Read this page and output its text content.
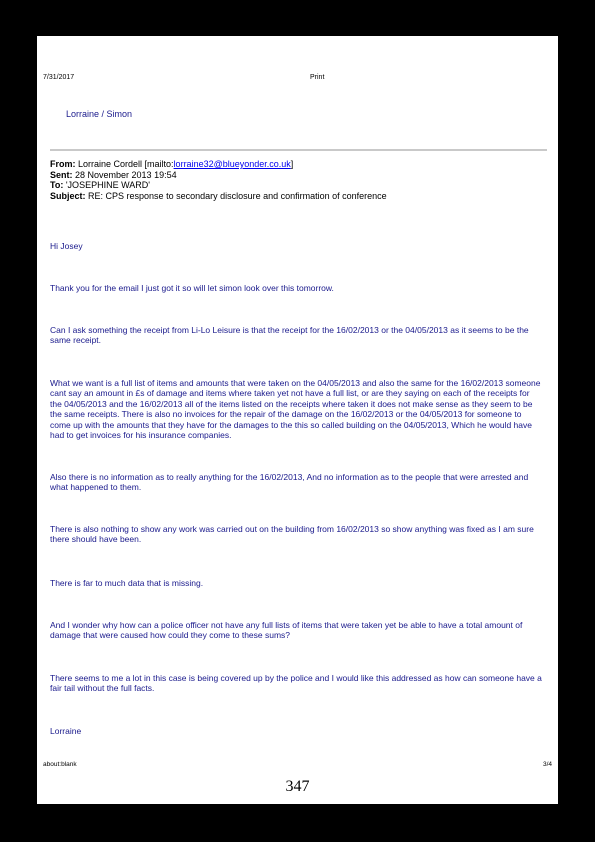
7/31/2017	Print
Lorraine / Simon
From: Lorraine Cordell [mailto:lorraine32@blueyonder.co.uk]
Sent: 28 November 2013 19:54
To: 'JOSEPHINE WARD'
Subject: RE: CPS response to secondary disclosure and confirmation of conference
Hi Josey
Thank you for the email I just got it so will let simon look over this tomorrow.
Can I ask something the receipt from Li-Lo Leisure is that the receipt for the 16/02/2013 or the 04/05/2013 as it seems to be the same receipt.
What we want is a full list of items and amounts that were taken on the 04/05/2013 and also the same for the 16/02/2013 someone cant say an amount in £s of damage and items where taken yet not have a full list, or are they saying on each of the receipts for the 04/05/2013 and the 16/02/2013 all of the items listed on the receipts where taken it does not make sense as they seem to be the same receipts. There is also no invoices for the repair of the damage on the 16/02/2013 or the 04/05/2013 for someone to come up with the amounts that they have for the damages to the this so called building on the 04/05/2013, Which he would have had to get invoices for his insurance companies.
Also there is no information as to really anything for the 16/02/2013, And no information as to the people that were arrested and what happened to them.
There is also nothing to show any work was carried out on the building from 16/02/2013 so show anything was fixed as I am sure there should have been.
There is far to much data that is missing.
And I wonder why how can a police officer not have any full lists of items that were taken yet be able to have a total amount of damage that were caused how could they come to these sums?
There seems to me a lot in this case is being covered up by the police and I would like this addressed as how can someone have a fair tail without the full facts.
Lorraine
about:blank	3/4
347
